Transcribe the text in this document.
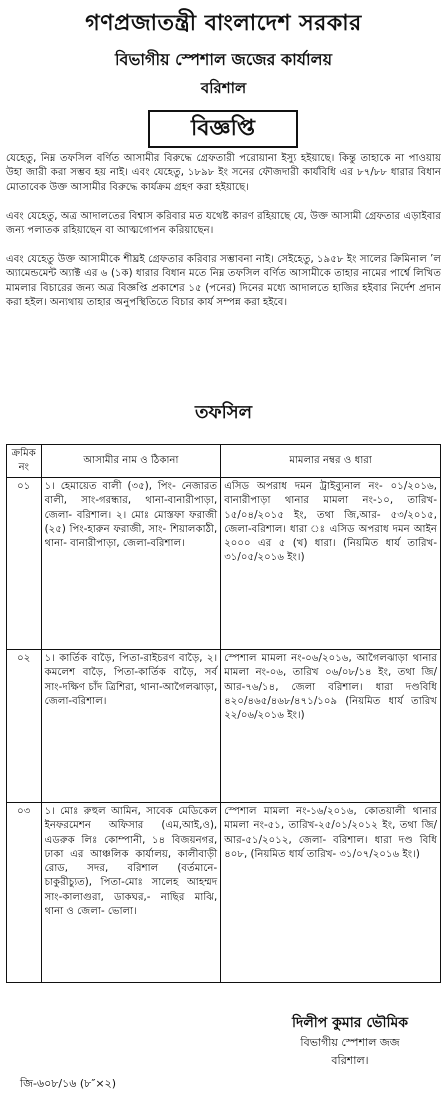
গণপ্রজাতন্ত্রী বাংলাদেশ সরকার
বিভাগীয় স্পেশাল জজের কার্যালয়
বরিশাল
বিজ্ঞপ্তি
যেহেতু, নিম্ন তফসিল বর্ণিত আসামীর বিরুদ্ধে গ্রেফতারী পরোয়ানা ইস্যু হইয়াছে। কিন্তু তাহাকে না পাওয়ায় উহা জারী করা সম্ভব হয় নাই। এবং যেহেতু, ১৮৯৮ ইং সনের ফৌজদারী কার্যবিধি এর ৮৭/৮৮ ধারার বিধান মোতাবেক উক্ত আসামীর বিরুদ্ধে কার্যক্রম গ্রহণ করা হইয়াছে।
এবং যেহেতু, অত্র আদালতের বিশ্বাস করিবার মত যথেষ্ট কারণ রহিয়াছে যে, উক্ত আসামী গ্রেফতার এড়াইবার জন্য পলাতক রহিয়াছেন বা আত্মগোপন করিয়াছেন।
এবং যেহেতু উক্ত আসামীকে শীঘ্রই গ্রেফতার করিবার সম্ভাবনা নাই। সেইহেতু, ১৯৫৮ ইং সালের ক্রিমিনাল ’ল অ্যামেন্ডমেন্ট অ্যাক্ট এর ৬ (১ক) ধারার বিধান মতে নিম্ন তফসিল বর্ণিত আসামীকে তাহার নামের পার্শ্বে লিখিত মামলার বিচারের জন্য অত্র বিজ্ঞপ্তি প্রকাশের ১৫ (পনের) দিনের মধ্যে আদালতে হাজির হইবার নির্দেশ প্রদান করা হইল। অন্যথায় তাহার অনুপস্থিতিতে বিচার কার্য সম্পন্ন করা হইবে।
তফসিল
ক্রমিক নং	আসামীর নাম ও ঠিকানা	মামলার নম্বর ও ধারা
০১	১। হেমায়েত বালী (৩৫), পিং- নেজারত বালী, সাং-গরন্ধার, থানা-বানারীপাড়া, জেলা- বরিশাল। ২। মোঃ মোস্তফা ফরাজী (২৫) পিং-হারুন ফরাজী, সাং- শিয়ালকাঠী, থানা- বানারীপাড়া, জেলা-বরিশাল।	এসিড অপরাধ দমন ট্রাইব্যুনাল নং- ০১/২০১৬, বানারীপাড়া থানার মামলা নং-১০, তারিখ- ১৫/০৪/২০১৫ ইং, তথা জি,আর- ৫৩/২০১৫, জেলা-বরিশাল। ধারা ঃ এসিড অপরাধ দমন আইন ২০০০ এর ৫ (খ) ধারা। (নিয়মিত ধার্য তারিখ- ৩১/০৫/২০১৬ ইং।)
০২	১। কার্তিক বাড়ৈ, পিতা-রাইচরণ বাড়ৈ, ২। কমলেশ বাড়ৈ, পিতা-কার্তিক বাড়ৈ, সর্ব সাং-দক্ষিণ চাঁদ ত্রিশিরা, থানা-আগৈলঝাড়া, জেলা-বরিশাল।	স্পেশাল মামলা নং-০৬/২০১৬, আগৈলঝাড়া থানার মামলা নং-০৬, তারিখ ০৬/০৮/১৪ ইং, তথা জি/আর-৭৬/১৪, জেলা বরিশাল। ধারা দণ্ডবিধি ৪২০/৪৬৫/৪৬৮/৪৭১/১০৯ (নিয়মিত ধার্য তারিখ ২২/০৬/২০১৬ ইং।)
০৩	১। মোঃ রুহুল আমিন, সাবেক মেডিকেল ইনফরমেশন অফিসার (এম,আই,ও), এডরুক লিঃ কোম্পানী, ১৪ বিজয়নগর, ঢাকা এর আঞ্চলিক কার্যালয়, কালীবাড়ী রোড, সদর, বরিশাল (বর্তমানে- চাকুরীচ্যুত), পিতা-মোঃ সালেহ আহম্মদ সাং-কালাগুরা, ডাকঘর,- নাছির মাঝি, থানা ও জেলা- ভোলা।	স্পেশাল মামলা নং-১৬/২০১৬, কোতয়ালী থানার মামলা নং-৫১, তারিখ-২৫/০১/২০১২ ইং, তথা জি/আর-৫১/২০১২, জেলা- বরিশাল। ধারা দণ্ড বিধি ৪০৮, (নিয়মিত ধার্য তারিখ- ৩১/০৭/২০১৬ ইং।)
দিলীপ কুমার ভৌমিক
বিভাগীয় স্পেশাল জজ
বরিশাল।
জি-৬০৮/১৬ (৮″×২)
